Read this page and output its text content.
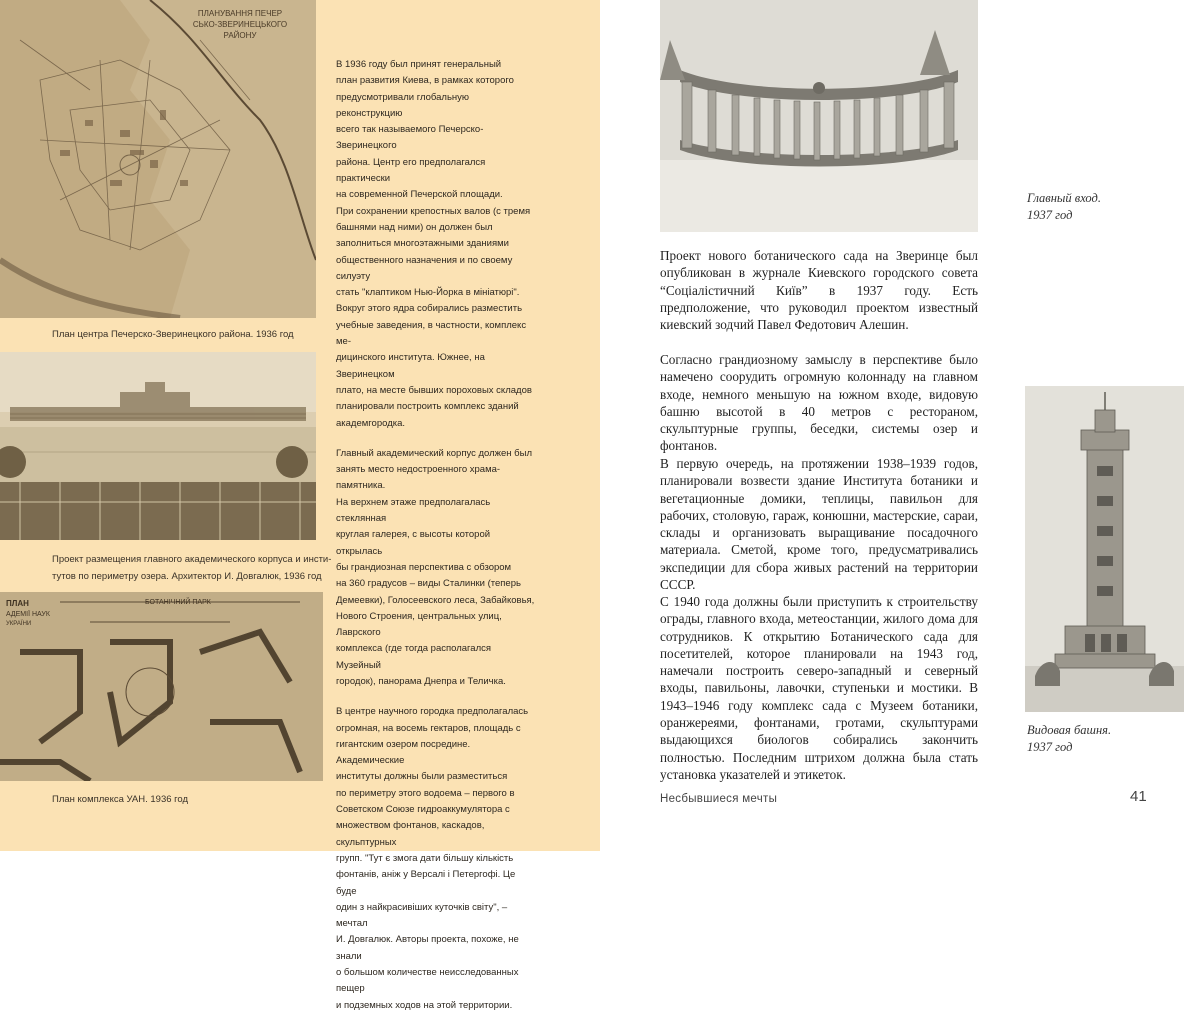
ПЛАНУВАННЯ ПЕЧЕР
СЬКО-ЗВЕРИНЕЦЬКОГО
РАЙОНУ
План центра Печерско-Зверинецкого района. 1936 год
Проект размещения главного академического корпуса и инсти-
тутов по периметру озера. Архитектор И. Довгалюк, 1936 год
ПЛАН
АДЕМІЇ НАУК
УКРАЇНИ
БОТАНІЧНИЙ ПАРК
План комплекса УАН. 1936 год

В 1936 году был принят генеральный

план развития Киева, в рамках которого

предусмотривали глобальную реконструкцию

всего так называемого Печерско-Зверинецкого

района. Центр его предполагался практически

на современной Печерской площади.

При сохранении крепостных валов (с тремя

башнями над ними) он должен был

заполниться многоэтажными зданиями

общественного назначения и по своему силуэту

стать "клаптиком Нью-Йорка в мініатюрі".

Вокруг этого ядра собирались разместить

учебные заведения, в частности, комплекс ме-

дицинского института. Южнее, на Зверинецком

плато, на месте бывших пороховых складов

планировали построить комплекс зданий

академгородка.

Главный академический корпус должен был

занять место недостроенного храма-памятника.

На верхнем этаже предполагалась стеклянная

круглая галерея, с высоты которой открылась

бы грандиозная перспектива с обзором

на 360 градусов – виды Сталинки (теперь

Демеевки), Голосеевского леса, Забайковья,

Нового Строения, центральных улиц, Лаврского

комплекса (где тогда располагался Музейный

городок), панорама Днепра и Теличка.

В центре научного городка предполагалась

огромная, на восемь гектаров, площадь с

гигантским озером посредине. Академические

институты должны были разместиться

по периметру этого водоема – первого в

Советском Союзе гидроаккумулятора с

множеством фонтанов, каскадов, скульптурных

групп. "Тут є змога дати більшу кількість

фонтанів, аніж у Версалі і Петергофі. Це буде

один з найкрасивіших куточків світу", – мечтал

И. Довгалюк. Авторы проекта, похоже, не знали

о большом количестве неисследованных пещер

и подземных ходов на этой территории.

Главный вход.
1937 год
Видовая башня.
1937 год

Проект нового ботанического сада на Зверинце был опубликован в журнале Киевского городского совета “Соціалістичний Київ” в 1937 году. Есть предположение, что руководил проектом известный киевский зодчий Павел Федотович Алешин.

Согласно грандиозному замыслу в перспективе было намечено соорудить огромную колоннаду на главном входе, немного меньшую на южном входе, видовую башню высотой в 40 метров с рестораном, скульптурные группы, беседки, системы озер и фонтанов.

В первую очередь, на протяжении 1938–1939 годов, планировали возвести здание Института ботаники и вегетационные домики, теплицы, павильон для рабочих, столовую, гараж, конюшни, мастерские, сараи, склады и организовать выращивание посадочного материала. Сметой, кроме того, предусматривались экспедиции для сбора живых растений на территории СССР.

С 1940 года должны были приступить к строительству ограды, главного входа, метеостанции, жилого дома для сотрудников. К открытию Ботанического сада для посетителей, которое планировали на 1943 год, намечали построить северо-западный и северный входы, павильоны, лавочки, ступеньки и мостики. В 1943–1946 году комплекс сада с Музеем ботаники, оранжереями, фонтанами, гротами, скульптурами выдающихся биологов собирались закончить полностью. Последним штрихом должна была стать установка указателей и этикеток.

Несбывшиеся мечты	41
